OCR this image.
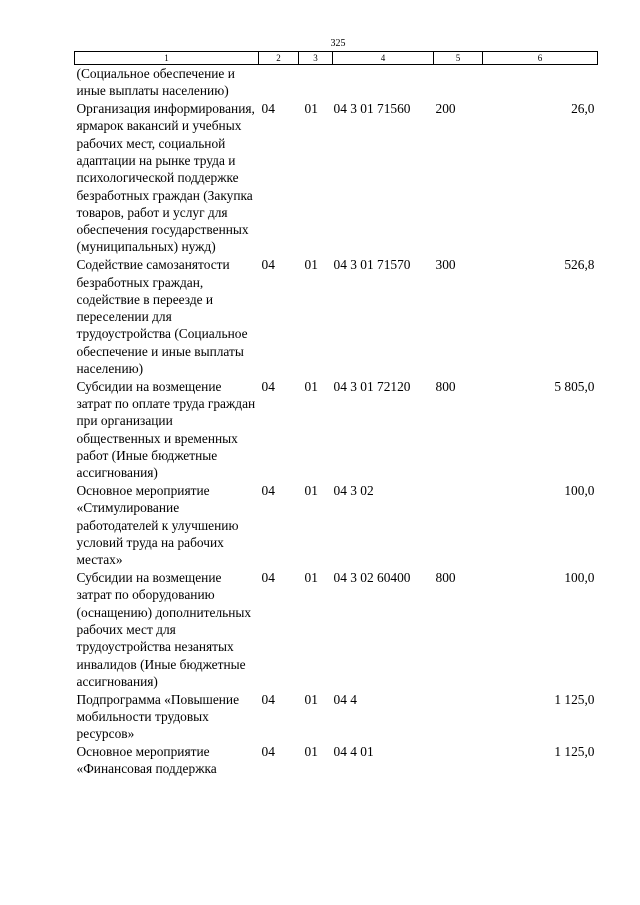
325
1	2	3	4	5	6
(Социальное обеспечение и иные выплаты населению)					
Организация информирования, ярмарок вакансий и учебных рабочих мест, социальной адаптации на рынке труда и психологической поддержке безработных граждан (Закупка товаров, работ и услуг для обеспечения государственных (муниципальных) нужд)	04	01	04 3 01 71560	200	26,0
Содействие самозанятости безработных граждан, содействие в переезде и переселении для трудоустройства (Социальное обеспечение и иные выплаты населению)	04	01	04 3 01 71570	300	526,8
Субсидии на возмещение затрат по оплате труда граждан при организации общественных и временных работ (Иные бюджетные ассигнования)	04	01	04 3 01 72120	800	5 805,0
Основное мероприятие «Стимулирование работодателей к улучшению условий труда на рабочих местах»	04	01	04 3 02		100,0
Субсидии на возмещение затрат по оборудованию (оснащению) дополнительных рабочих мест для трудоустройства незанятых инвалидов (Иные бюджетные ассигнования)	04	01	04 3 02 60400	800	100,0
Подпрограмма «Повышение мобильности трудовых ресурсов»	04	01	04 4		1 125,0
Основное мероприятие «Финансовая поддержка	04	01	04 4 01		1 125,0
